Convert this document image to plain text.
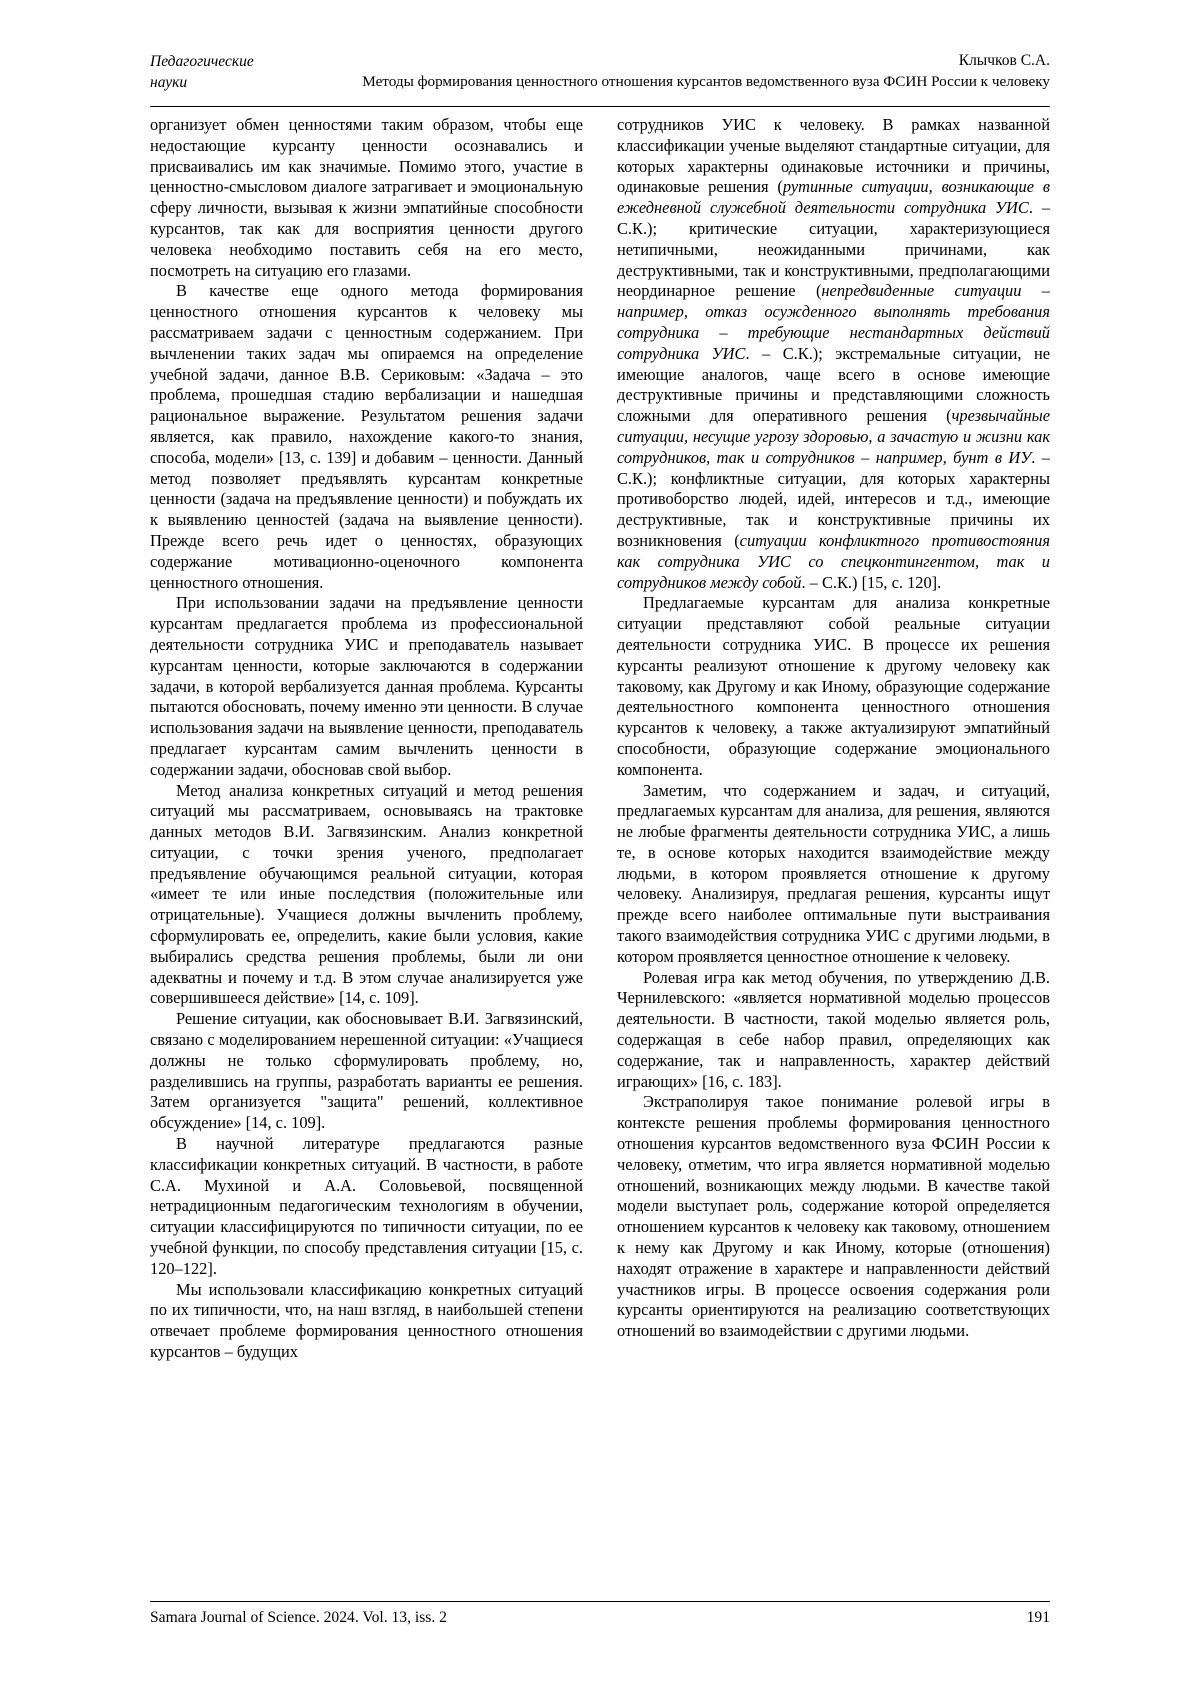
Педагогические
науки
Клычков С.А.
Методы формирования ценностного отношения курсантов ведомственного вуза ФСИН России к человеку

организует обмен ценностями таким образом, чтобы еще недостающие курсанту ценности осознавались и присваивались им как значимые. Помимо этого, участие в ценностно-смысловом диалоге затрагивает и эмоциональную сферу личности, вызывая к жизни эмпатийные способности курсантов, так как для восприятия ценности другого человека необходимо поставить себя на его место, посмотреть на ситуацию его глазами.

В качестве еще одного метода формирования ценностного отношения курсантов к человеку мы рассматриваем задачи с ценностным содержанием. При вычленении таких задач мы опираемся на определение учебной задачи, данное В.В. Сериковым: «Задача – это проблема, прошедшая стадию вербализации и нашедшая рациональное выражение. Результатом решения задачи является, как правило, нахождение какого-то знания, способа, модели» [13, с. 139] и добавим – ценности. Данный метод позволяет предъявлять курсантам конкретные ценности (задача на предъявление ценности) и побуждать их к выявлению ценностей (задача на выявление ценности). Прежде всего речь идет о ценностях, образующих содержание мотивационно-оценочного компонента ценностного отношения.

При использовании задачи на предъявление ценности курсантам предлагается проблема из профессиональной деятельности сотрудника УИС и преподаватель называет курсантам ценности, которые заключаются в содержании задачи, в которой вербализуется данная проблема. Курсанты пытаются обосновать, почему именно эти ценности. В случае использования задачи на выявление ценности, преподаватель предлагает курсантам самим вычленить ценности в содержании задачи, обосновав свой выбор.

Метод анализа конкретных ситуаций и метод решения ситуаций мы рассматриваем, основываясь на трактовке данных методов В.И. Загвязинским. Анализ конкретной ситуации, с точки зрения ученого, предполагает предъявление обучающимся реальной ситуации, которая «имеет те или иные последствия (положительные или отрицательные). Учащиеся должны вычленить проблему, сформулировать ее, определить, какие были условия, какие выбирались средства решения проблемы, были ли они адекватны и почему и т.д. В этом случае анализируется уже совершившееся действие» [14, с. 109].

Решение ситуации, как обосновывает В.И. Загвязинский, связано с моделированием нерешенной ситуации: «Учащиеся должны не только сформулировать проблему, но, разделившись на группы, разработать варианты ее решения. Затем организуется "защита" решений, коллективное обсуждение» [14, с. 109].

В научной литературе предлагаются разные классификации конкретных ситуаций. В частности, в работе С.А. Мухиной и А.А. Соловьевой, посвященной нетрадиционным педагогическим технологиям в обучении, ситуации классифицируются по типичности ситуации, по ее учебной функции, по способу представления ситуации [15, с. 120–122].

Мы использовали классификацию конкретных ситуаций по их типичности, что, на наш взгляд, в наибольшей степени отвечает проблеме формирования ценностного отношения курсантов – будущих

сотрудников УИС к человеку. В рамках названной классификации ученые выделяют стандартные ситуации, для которых характерны одинаковые источники и причины, одинаковые решения (рутинные ситуации, возникающие в ежедневной служебной деятельности сотрудника УИС. – С.К.); критические ситуации, характеризующиеся нетипичными, неожиданными причинами, как деструктивными, так и конструктивными, предполагающими неординарное решение (непредвиденные ситуации – например, отказ осужденного выполнять требования сотрудника – требующие нестандартных действий сотрудника УИС. – С.К.); экстремальные ситуации, не имеющие аналогов, чаще всего в основе имеющие деструктивные причины и представляющими сложность сложными для оперативного решения (чрезвычайные ситуации, несущие угрозу здоровью, а зачастую и жизни как сотрудников, так и сотрудников – например, бунт в ИУ. – С.К.); конфликтные ситуации, для которых характерны противоборство людей, идей, интересов и т.д., имеющие деструктивные, так и конструктивные причины их возникновения (ситуации конфликтного противостояния как сотрудника УИС со спецконтингентом, так и сотрудников между собой. – С.К.) [15, с. 120].

Предлагаемые курсантам для анализа конкретные ситуации представляют собой реальные ситуации деятельности сотрудника УИС. В процессе их решения курсанты реализуют отношение к другому человеку как таковому, как Другому и как Иному, образующие содержание деятельностного компонента ценностного отношения курсантов к человеку, а также актуализируют эмпатийный способности, образующие содержание эмоционального компонента.

Заметим, что содержанием и задач, и ситуаций, предлагаемых курсантам для анализа, для решения, являются не любые фрагменты деятельности сотрудника УИС, а лишь те, в основе которых находится взаимодействие между людьми, в котором проявляется отношение к другому человеку. Анализируя, предлагая решения, курсанты ищут прежде всего наиболее оптимальные пути выстраивания такого взаимодействия сотрудника УИС с другими людьми, в котором проявляется ценностное отношение к человеку.

Ролевая игра как метод обучения, по утверждению Д.В. Чернилевского: «является нормативной моделью процессов деятельности. В частности, такой моделью является роль, содержащая в себе набор правил, определяющих как содержание, так и направленность, характер действий играющих» [16, с. 183].

Экстраполируя такое понимание ролевой игры в контексте решения проблемы формирования ценностного отношения курсантов ведомственного вуза ФСИН России к человеку, отметим, что игра является нормативной моделью отношений, возникающих между людьми. В качестве такой модели выступает роль, содержание которой определяется отношением курсантов к человеку как таковому, отношением к нему как Другому и как Иному, которые (отношения) находят отражение в характере и направленности действий участников игры. В процессе освоения содержания роли курсанты ориентируются на реализацию соответствующих отношений во взаимодействии с другими людьми.

Samara Journal of Science. 2024. Vol. 13, iss. 2	191
